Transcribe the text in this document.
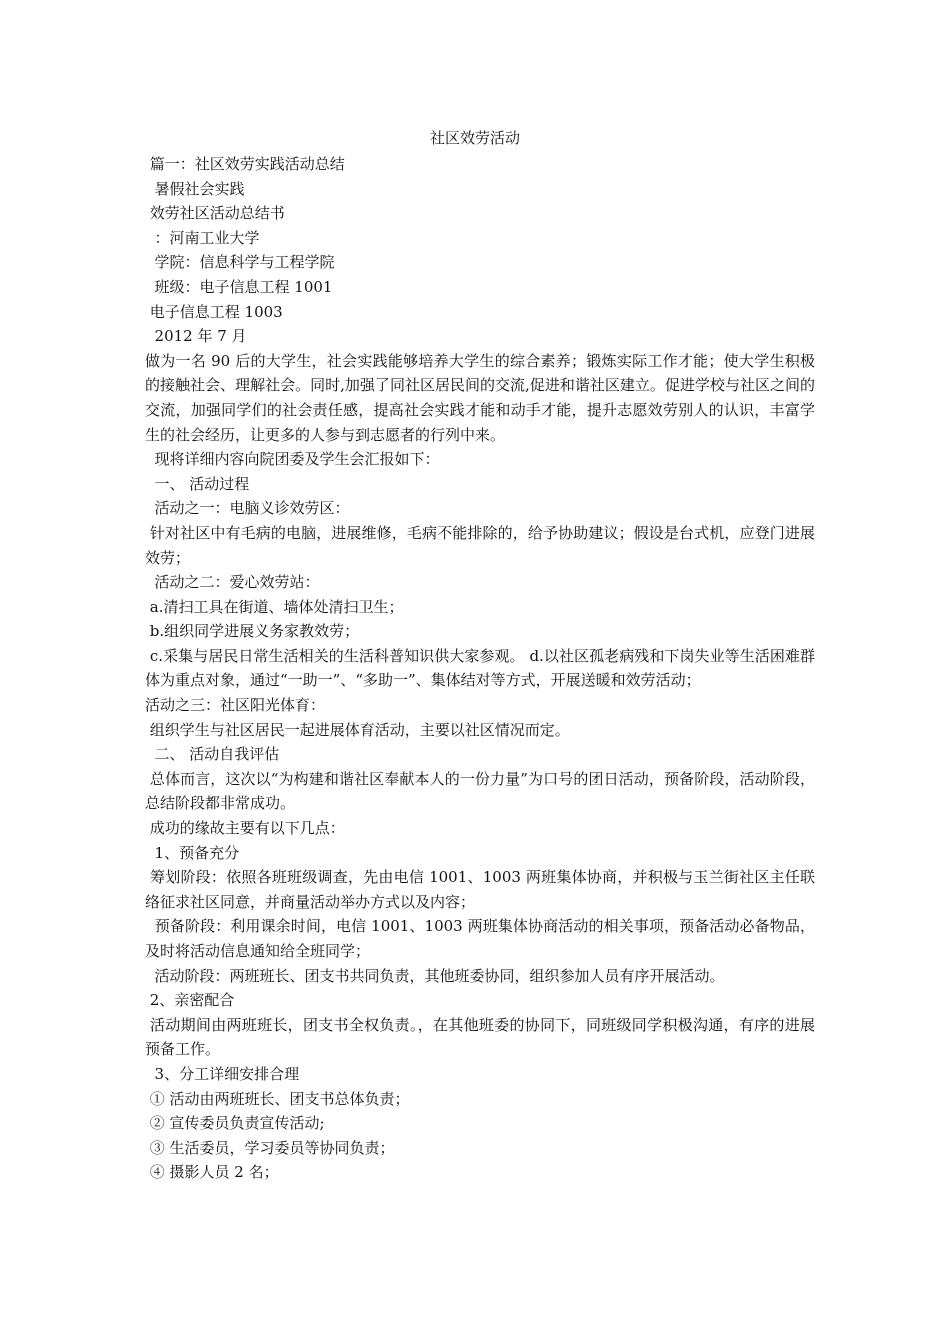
社区效劳活动
篇一：社区效劳实践活动总结
暑假社会实践
效劳社区活动总结书
：河南工业大学
学院：信息科学与工程学院
班级：电子信息工程 1001
电子信息工程 1003
2012 年 7 月
做为一名 90 后的大学生，社会实践能够培养大学生的综合素养；锻炼实际工作才能；使大学生积极的接触社会、理解社会。同时,加强了同社区居民间的交流,促进和谐社区建立。促进学校与社区之间的交流，加强同学们的社会责任感，提高社会实践才能和动手才能，提升志愿效劳别人的认识，丰富学生的社会经历，让更多的人参与到志愿者的行列中来。
现将详细内容向院团委及学生会汇报如下：
一、 活动过程
活动之一：电脑义诊效劳区：
针对社区中有毛病的电脑，进展维修，毛病不能排除的，给予协助建议；假设是台式机，应登门进展效劳；
活动之二：爱心效劳站：
a.清扫工具在街道、墙体处清扫卫生；
b.组织同学进展义务家教效劳；
c.采集与居民日常生活相关的生活科普知识供大家参观。 d.以社区孤老病残和下岗失业等生活困难群体为重点对象，通过“一助一”、“多助一”、集体结对等方式，开展送暖和效劳活动；
活动之三：社区阳光体育：
组织学生与社区居民一起进展体育活动，主要以社区情况而定。
二、 活动自我评估
总体而言，这次以“为构建和谐社区奉献本人的一份力量”为口号的团日活动，预备阶段，活动阶段，总结阶段都非常成功。
成功的缘故主要有以下几点：
1、预备充分
筹划阶段：依照各班班级调查，先由电信 1001、1003 两班集体协商，并积极与玉兰街社区主任联络征求社区同意，并商量活动举办方式以及内容；
预备阶段：利用课余时间，电信 1001、1003 两班集体协商活动的相关事项，预备活动必备物品，及时将活动信息通知给全班同学；
活动阶段：两班班长、团支书共同负责，其他班委协同，组织参加人员有序开展活动。
2、亲密配合
活动期间由两班班长，团支书全权负责。，在其他班委的协同下，同班级同学积极沟通，有序的进展预备工作。
3、分工详细安排合理
① 活动由两班班长、团支书总体负责；
② 宣传委员负责宣传活动;
③ 生活委员，学习委员等协同负责；
④ 摄影人员 2 名；
